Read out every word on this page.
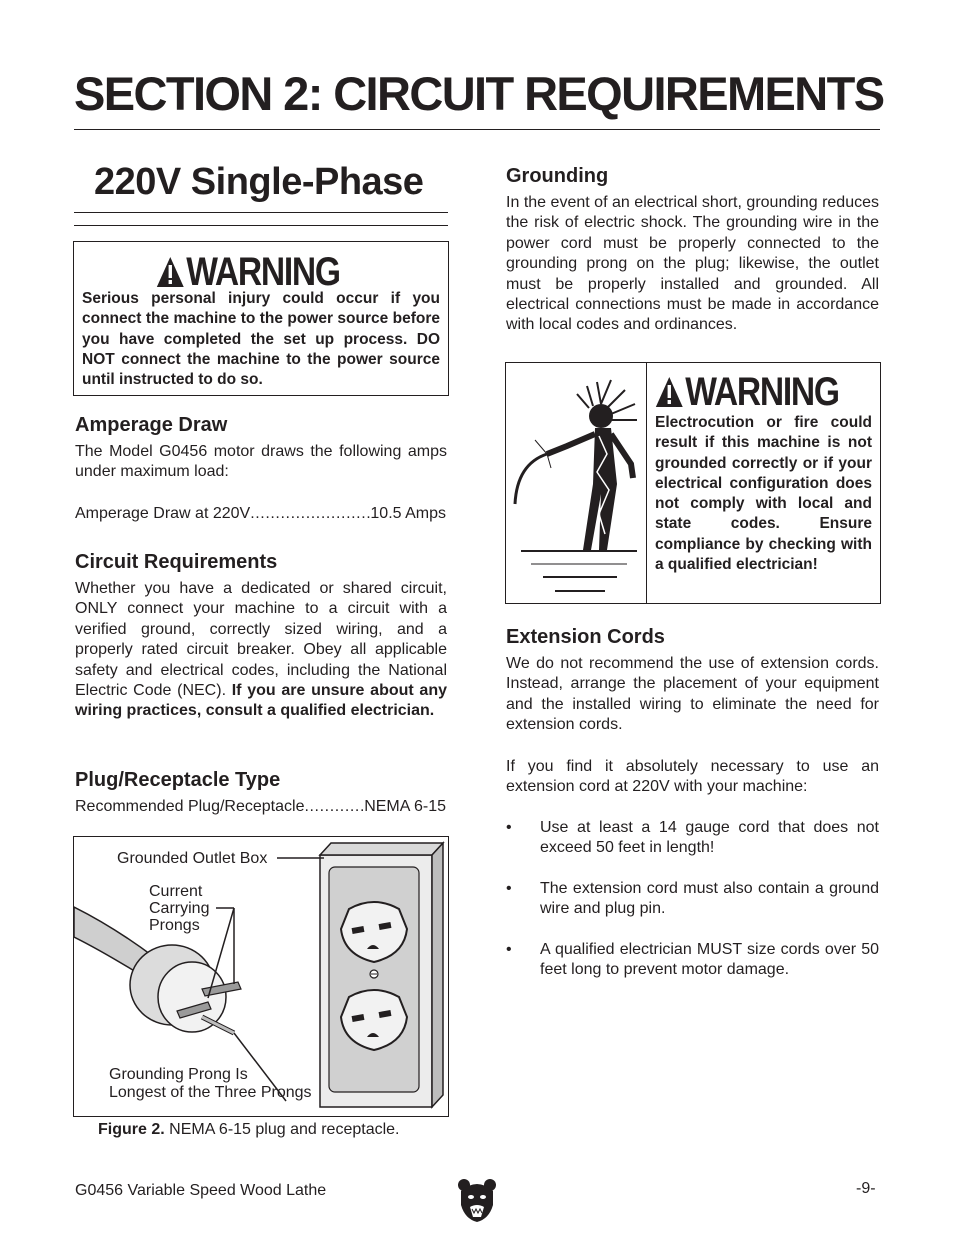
SECTION 2: CIRCUIT REQUIREMENTS
220V Single-Phase
WARNING
Serious personal injury could occur if you connect the machine to the power source before you have completed the set up process. DO NOT connect the machine to the power source until instructed to do so.
Amperage Draw

The Model G0456 motor draws the following amps under maximum load:

Amperage Draw at 220V .....	10.5 Amps
Circuit Requirements

Whether you have a dedicated or shared circuit, ONLY connect your machine to a circuit with a verified ground, correctly sized wiring, and a properly rated circuit breaker. Obey all applicable safety and electrical codes, including the National Electric Code (NEC). If you are unsure about any wiring practices, consult a qualified electrician.

Plug/Receptacle Type
Recommended Plug/Receptacle .....	NEMA 6-15
Grounded Outlet Box
Current
Carrying
Prongs
Grounding Prong Is
Longest of the Three Prongs
Figure 2. NEMA 6-15 plug and receptacle.
Grounding

In the event of an electrical short, grounding reduces the risk of electric shock. The grounding wire in the power cord must be properly connected to the grounding prong on the plug; likewise, the outlet must be properly installed and grounded. All electrical connections must be made in accordance with local codes and ordinances.

WARNING
Electrocution or fire could result if this machine is not grounded correctly or if your electrical configuration does not comply with local and state codes. Ensure compliance by checking with a qualified electrician!
Extension Cords

We do not recommend the use of extension cords. Instead, arrange the placement of your equipment and the installed wiring to eliminate the need for extension cords.

If you find it absolutely necessary to use an extension cord at 220V with your machine:

•	Use at least a 14 gauge cord that does not exceed 50 feet in length!
•	The extension cord must also contain a ground wire and plug pin.
•	A qualified electrician MUST size cords over 50 feet long to prevent motor damage.
G0456 Variable Speed Wood Lathe	-9-
